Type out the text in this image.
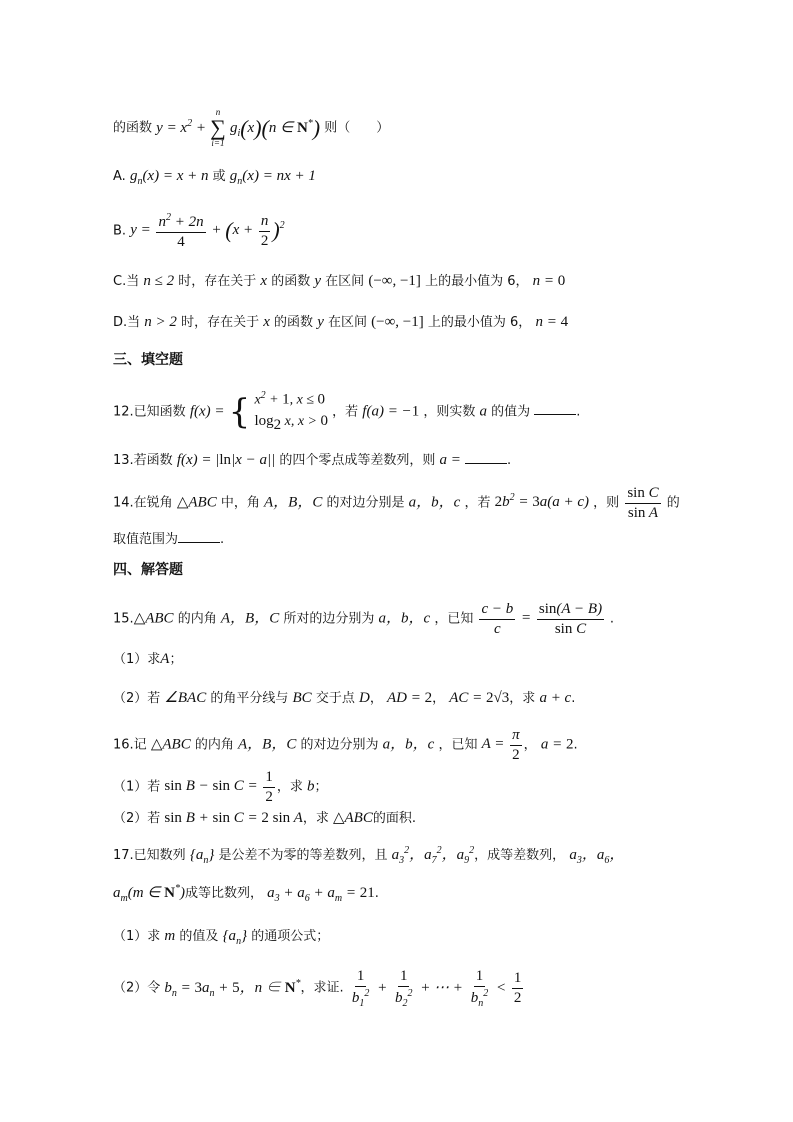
的函数 $y = x^2$ +
n
∑
i=1
$g_i(x)(n$ ∈ N*) 则（　　）
A. $g_n(x) = x + n$ 或 $g_n(x)$ = nx + 1
B. $y = \frac{n^2 + 2n}{4} + (x + \frac{n}{2} )^2$
C.当 n ≤ 2 时，存在关于 x 的函数 y 在区间 (−∞, −1] 上的最小值为 6， n = 0
D.当 n > 2 时，存在关于 x 的函数 y 在区间 (−∞, −1] 上的最小值为 6， n = 4
三、填空题
12.已知函数 f(x) = { $x^2 + 1$, x ≤ 0
$\log_2 x$, x > 0
，若 f(a) = −1 ，则实数 a 的值为	.
13.若函数 f(x) = |ln|x − a|| 的四个零点成等差数列，则 a =	.
14.在锐角 △ABC 中，角 A，B，C 的对边分别是 a，b，c ，若 $2b^2 = 3a(a + c)$ ，则 $\frac{\text{sin C}}{\text{sin A}}$ 的
取值范围为	.
四、解答题
15.△ABC 的内角 A，B，C 所对的边分别为 a，b，c ，已知 $\frac{c - b}{c} = \frac{\sin(A - B)}{\text{sin C}}$ .
（1）求A；
（2）若 ∠BAC 的角平分线与 BC 交于点 D， AD = 2， AC = 2√3，求 a + c.
16.记 △ABC 的内角 A，B，C 的对边分别为 a，b，c ，已知 $A = \frac{\pi}{2}$ ， a = 2.
（1）若 $\sin B - \sin C = \frac{1}{2}$ ，求 b；
（2）若 sin B + sin C = 2 sin A，求 △ABC的面积.
17.已知数列 $\{a_n\}$ 是公差不为零的等差数列，且 $a_3^2$，$a_7^2$，$a_9^2$，成等差数列， $a_3$，$a_6$，
$a_m(m$ ∈ N*)成等比数列， $a_3 + a_6 + a_m = 21$.
（1）求 m 的值及 $\{a_n\}$ 的通项公式；
（2）令 $b_n = 3a_n + 5$，n ∈ N*，求证. $\frac{1}{b_1^2} + \frac{1}{b_2^2}$ + ⋯ + $\frac{1}{b_n^2} < \frac{1}{2}$
